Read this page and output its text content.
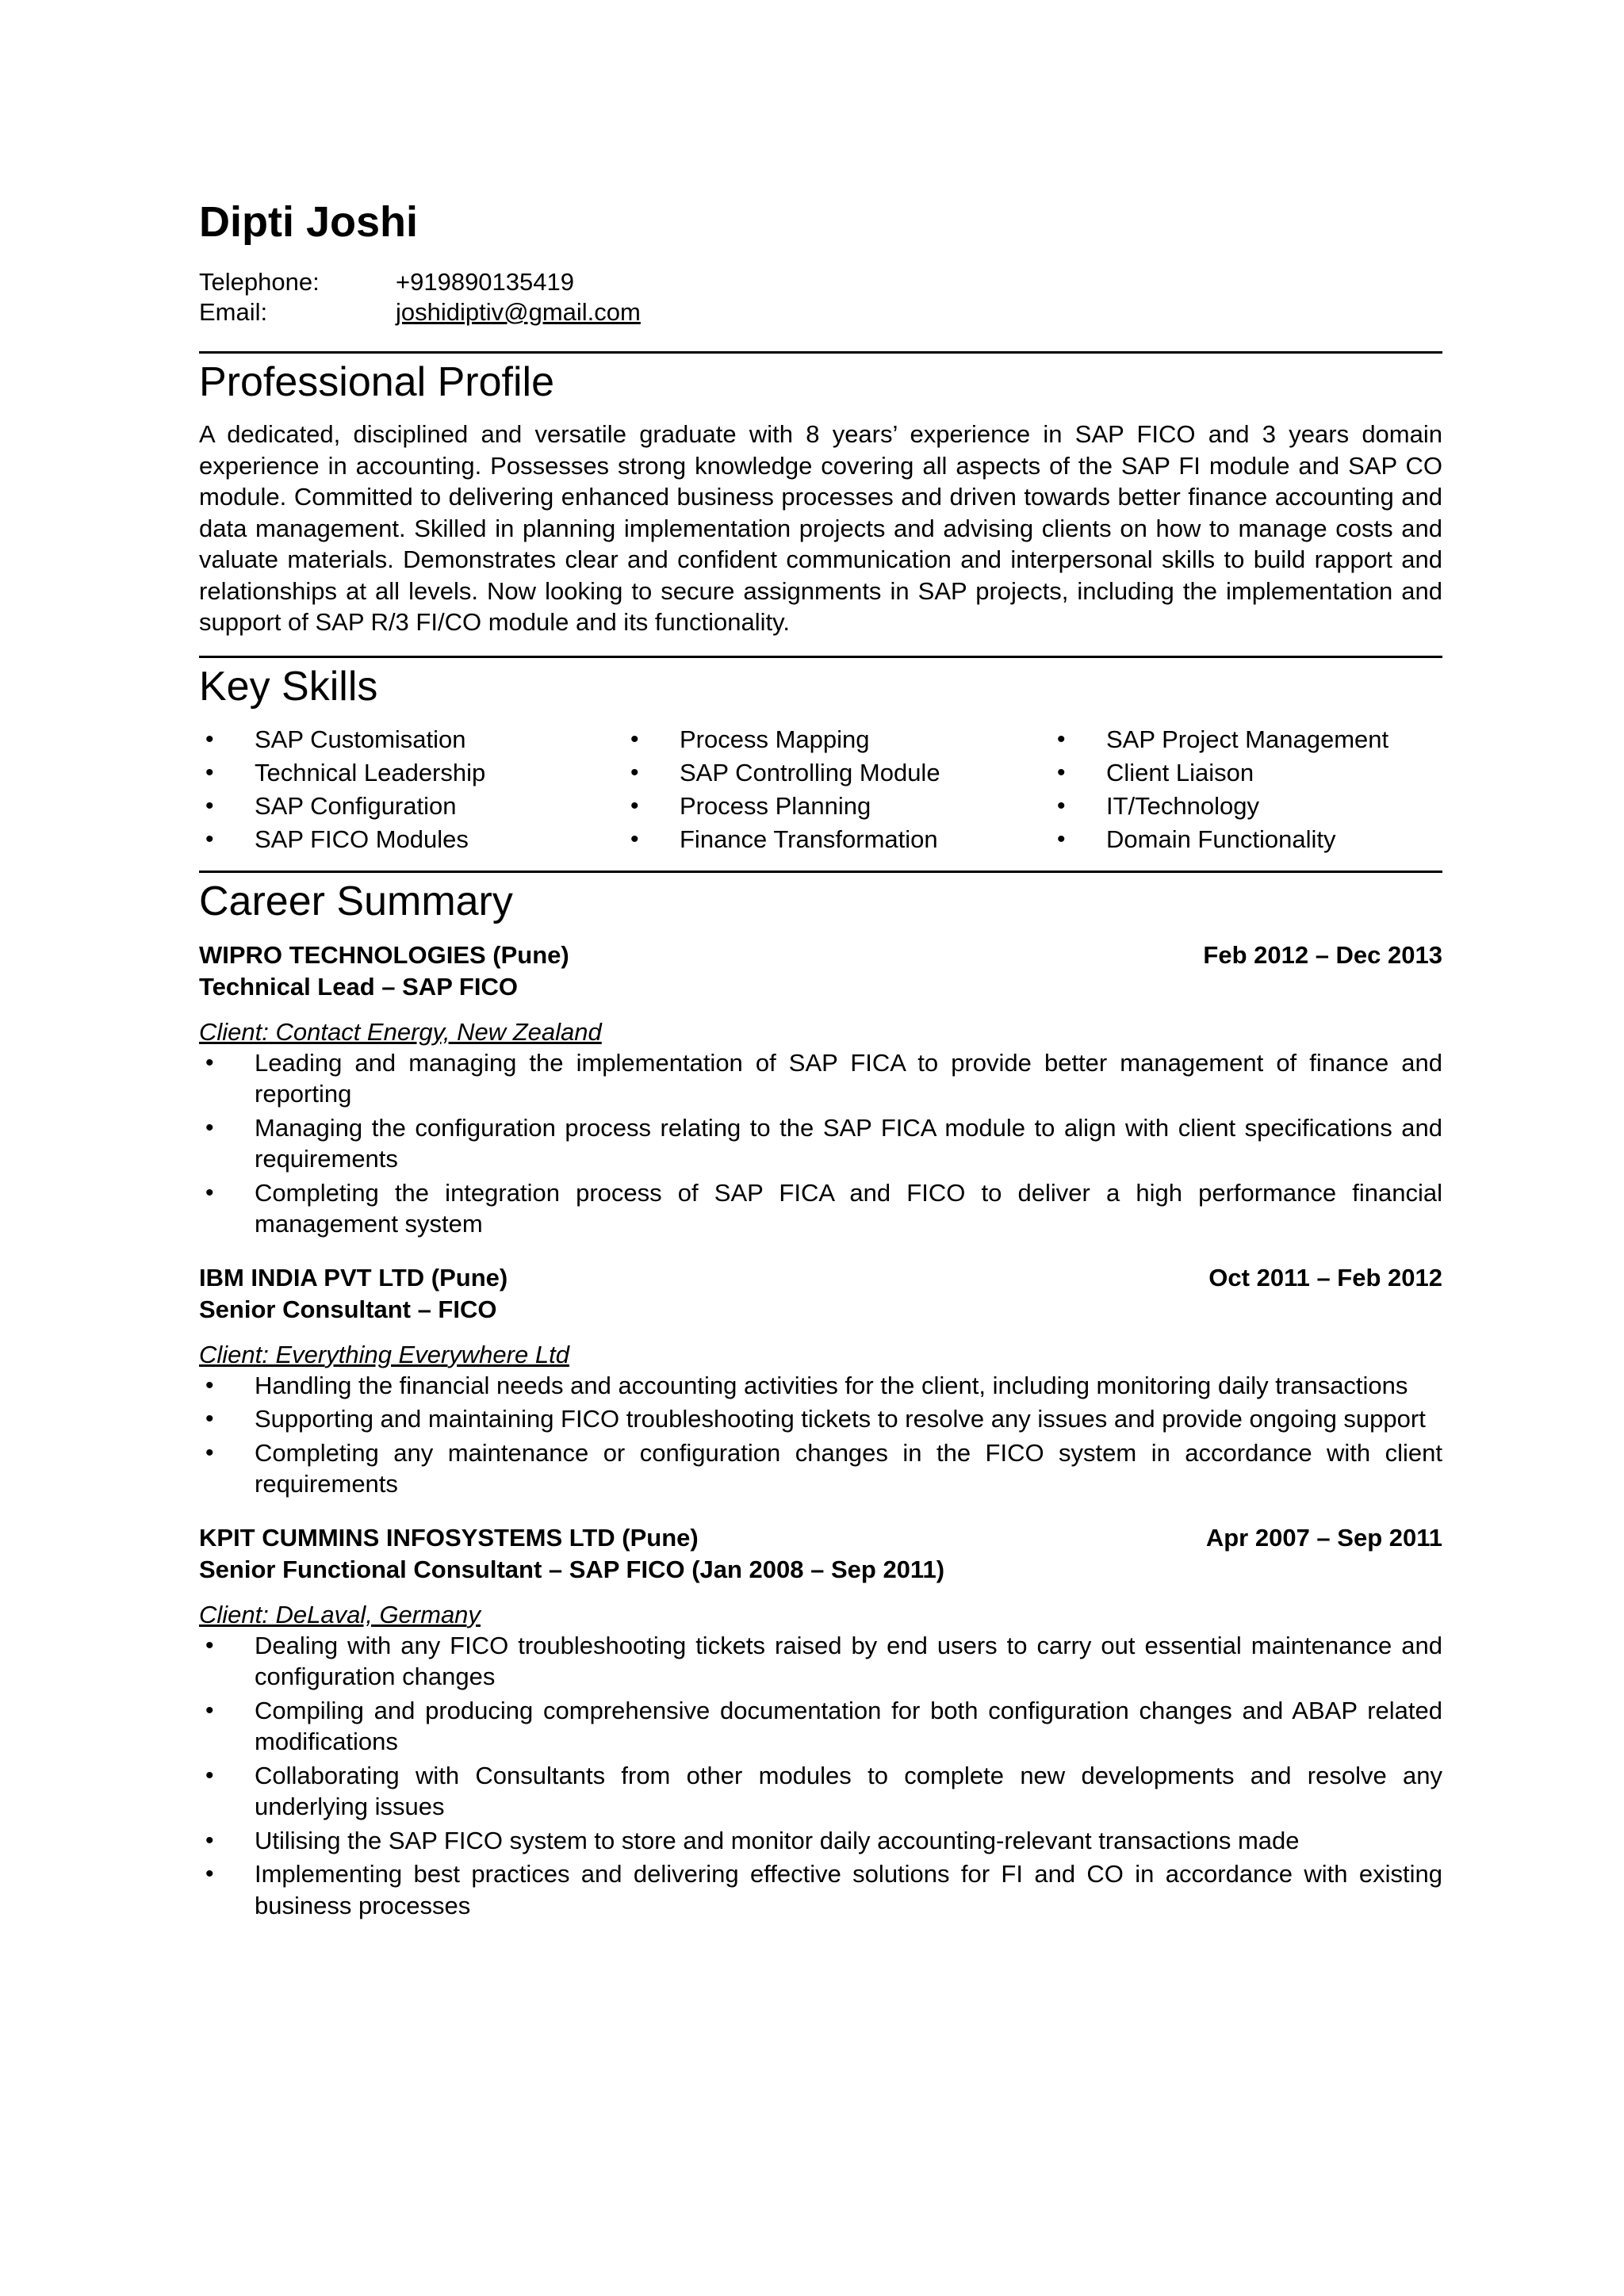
Dipti Joshi
Telephone:	+919890135419
Email:	joshidiptiv@gmail.com
Professional Profile

A dedicated, disciplined and versatile graduate with 8 years’ experience in SAP FICO and 3 years domain experience in accounting. Possesses strong knowledge covering all aspects of the SAP FI module and SAP CO module. Committed to delivering enhanced business processes and driven towards better finance accounting and data management. Skilled in planning implementation projects and advising clients on how to manage costs and valuate materials. Demonstrates clear and confident communication and interpersonal skills to build rapport and relationships at all levels. Now looking to secure assignments in SAP projects, including the implementation and support of SAP R/3 FI/CO module and its functionality.

Key Skills
•	SAP Customisation	•	Process Mapping	•	SAP Project Management
•	Technical Leadership	•	SAP Controlling Module	•	Client Liaison
•	SAP Configuration	•	Process Planning	•	IT/Technology
•	SAP FICO Modules	•	Finance Transformation	•	Domain Functionality
Career Summary
WIPRO TECHNOLOGIES (Pune)	Feb 2012 – Dec 2013
Technical Lead – SAP FICO
Client: Contact Energy, New Zealand
•	Leading and managing the implementation of SAP FICA to provide better management of finance and reporting
•	Managing the configuration process relating to the SAP FICA module to align with client specifications and requirements
•	Completing the integration process of SAP FICA and FICO to deliver a high performance financial management system
IBM INDIA PVT LTD (Pune)	Oct 2011 – Feb 2012
Senior Consultant – FICO
Client: Everything Everywhere Ltd
•	Handling the financial needs and accounting activities for the client, including monitoring daily transactions
•	Supporting and maintaining FICO troubleshooting tickets to resolve any issues and provide ongoing support
•	Completing any maintenance or configuration changes in the FICO system in accordance with client requirements
KPIT CUMMINS INFOSYSTEMS LTD (Pune)	Apr 2007 – Sep 2011
Senior Functional Consultant – SAP FICO (Jan 2008 – Sep 2011)
Client: DeLaval, Germany
•	Dealing with any FICO troubleshooting tickets raised by end users to carry out essential maintenance and configuration changes
•	Compiling and producing comprehensive documentation for both configuration changes and ABAP related modifications
•	Collaborating with Consultants from other modules to complete new developments and resolve any underlying issues
•	Utilising the SAP FICO system to store and monitor daily accounting-relevant transactions made
•	Implementing best practices and delivering effective solutions for FI and CO in accordance with existing business processes
